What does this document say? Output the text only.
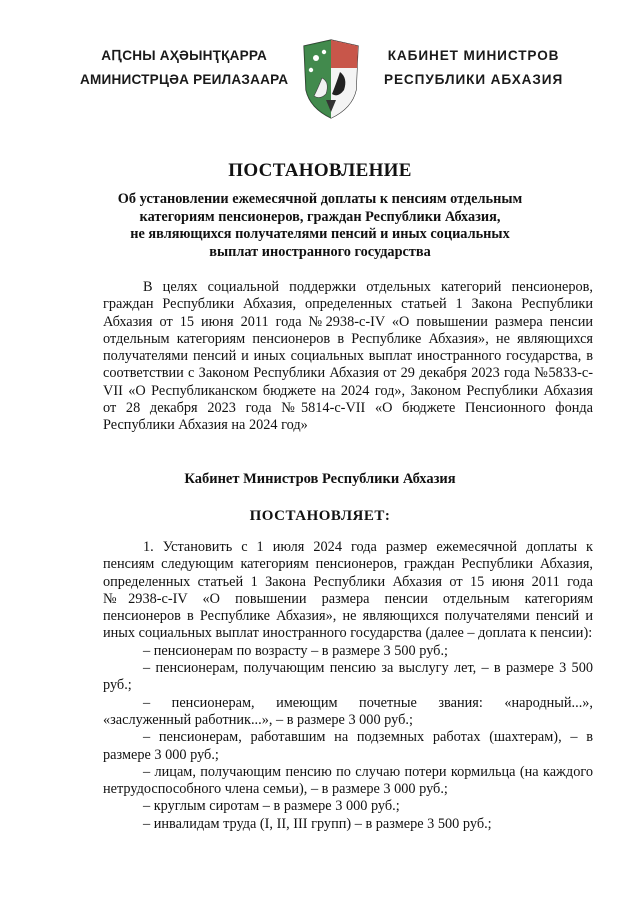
АԤСНЫ АҲӘЫНҬҚАРРА
АМИНИСТРЦӘА РЕИЛАЗААРА
КАБИНЕТ МИНИСТРОВ
РЕСПУБЛИКИ АБХАЗИЯ
ПОСТАНОВЛЕНИЕ
Об установлении ежемесячной доплаты к пенсиям отдельным
категориям пенсионеров, граждан Республики Абхазия,
не являющихся получателями пенсий и иных социальных
выплат иностранного государства

В целях социальной поддержки отдельных категорий пенсионеров, граждан Республики Абхазия, определенных статьей 1 Закона Республики Абхазия от 15 июня 2011 года №2938-с-IV «О повышении размера пенсии отдельным категориям пенсионеров в Республике Абхазия», не являющихся получателями пенсий и иных социальных выплат иностранного государства, в соответствии с Законом Республики Абхазия от 29 декабря 2023 года №5833-с-VII «О Республиканском бюджете на 2024 год», Законом Республики Абхазия от 28 декабря 2023 года №5814-с-VII «О бюджете Пенсионного фонда Республики Абхазия на 2024 год»

Кабинет Министров Республики Абхазия
ПОСТАНОВЛЯЕТ:

1. Установить с 1 июля 2024 года размер ежемесячной доплаты к пенсиям следующим категориям пенсионеров, граждан Республики Абхазия, определенных статьей 1 Закона Республики Абхазия от 15 июня 2011 года №2938-с-IV «О повышении размера пенсии отдельным категориям пенсионеров в Республике Абхазия», не являющихся получателями пенсий и иных социальных выплат иностранного государства (далее – доплата к пенсии):

– пенсионерам по возрасту – в размере 3 500 руб.;

– пенсионерам, получающим пенсию за выслугу лет, – в размере 3 500 руб.;

– пенсионерам, имеющим почетные звания: «народный...», «заслуженный работник...», – в размере 3 000 руб.;

– пенсионерам, работавшим на подземных работах (шахтерам), – в размере 3 000 руб.;

– лицам, получающим пенсию по случаю потери кормильца (на каждого нетрудоспособного члена семьи), – в размере 3 000 руб.;

– круглым сиротам – в размере 3 000 руб.;

– инвалидам труда (I, II, III групп) – в размере 3 500 руб.;
